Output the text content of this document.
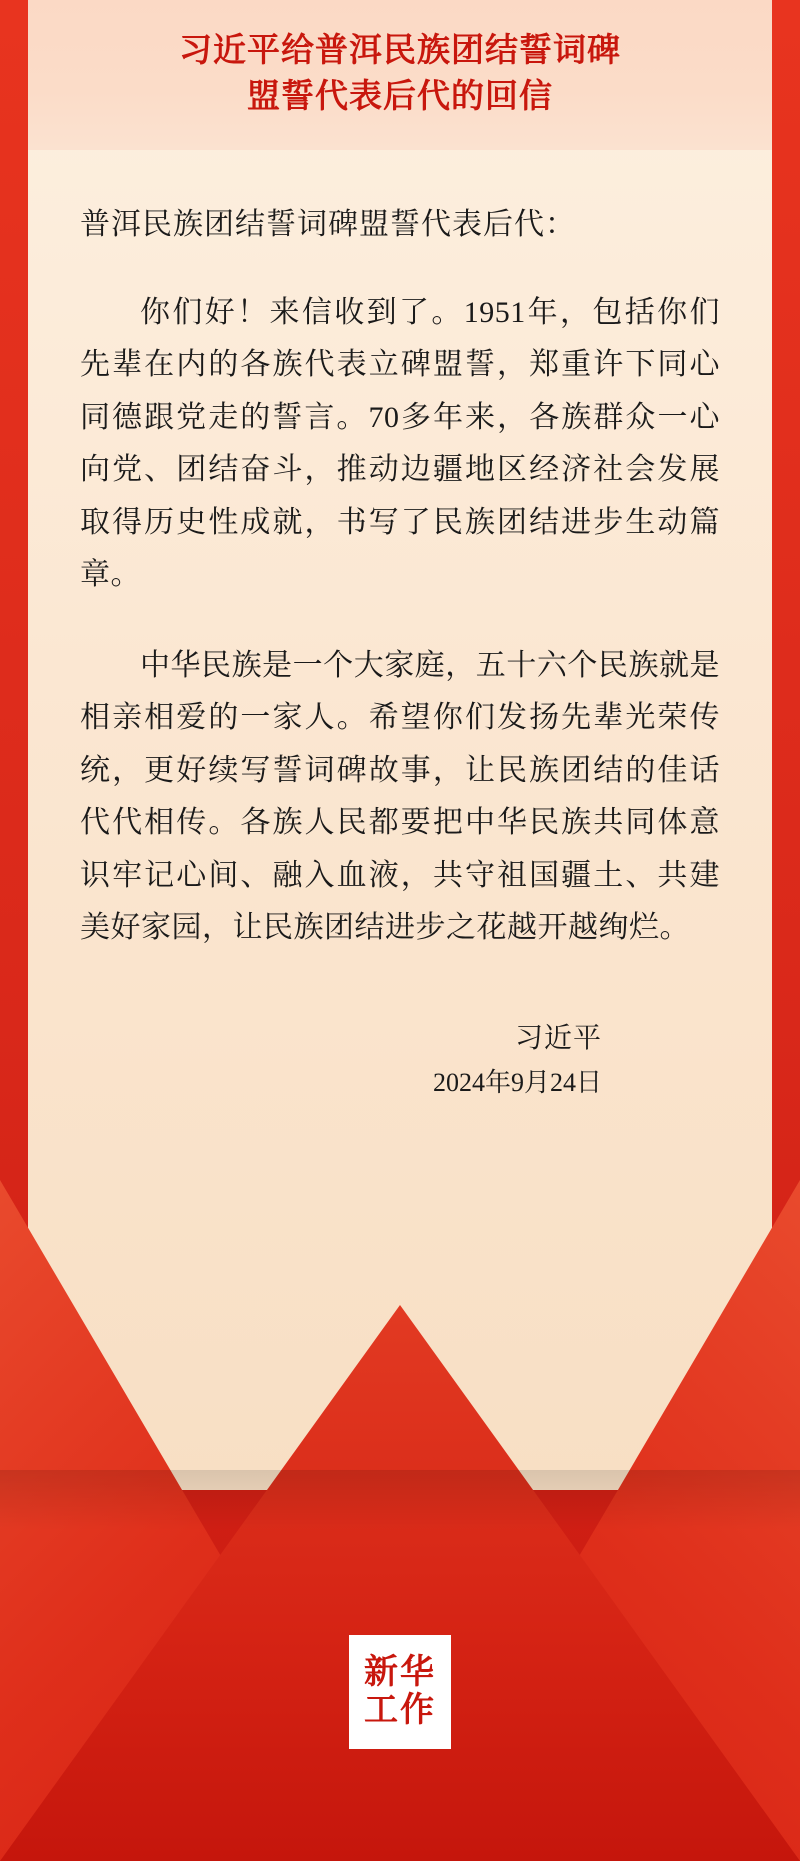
习近平给普洱民族团结誓词碑
盟誓代表后代的回信
普洱民族团结誓词碑盟誓代表后代：
你们好！来信收到了。1951年，包括你们先辈在内的各族代表立碑盟誓，郑重许下同心同德跟党走的誓言。70多年来，各族群众一心向党、团结奋斗，推动边疆地区经济社会发展取得历史性成就，书写了民族团结进步生动篇章。
中华民族是一个大家庭，五十六个民族就是相亲相爱的一家人。希望你们发扬先辈光荣传统，更好续写誓词碑故事，让民族团结的佳话代代相传。各族人民都要把中华民族共同体意识牢记心间、融入血液，共守祖国疆土、共建美好家园，让民族团结进步之花越开越绚烂。
习近平
2024年9月24日
新华
工作
